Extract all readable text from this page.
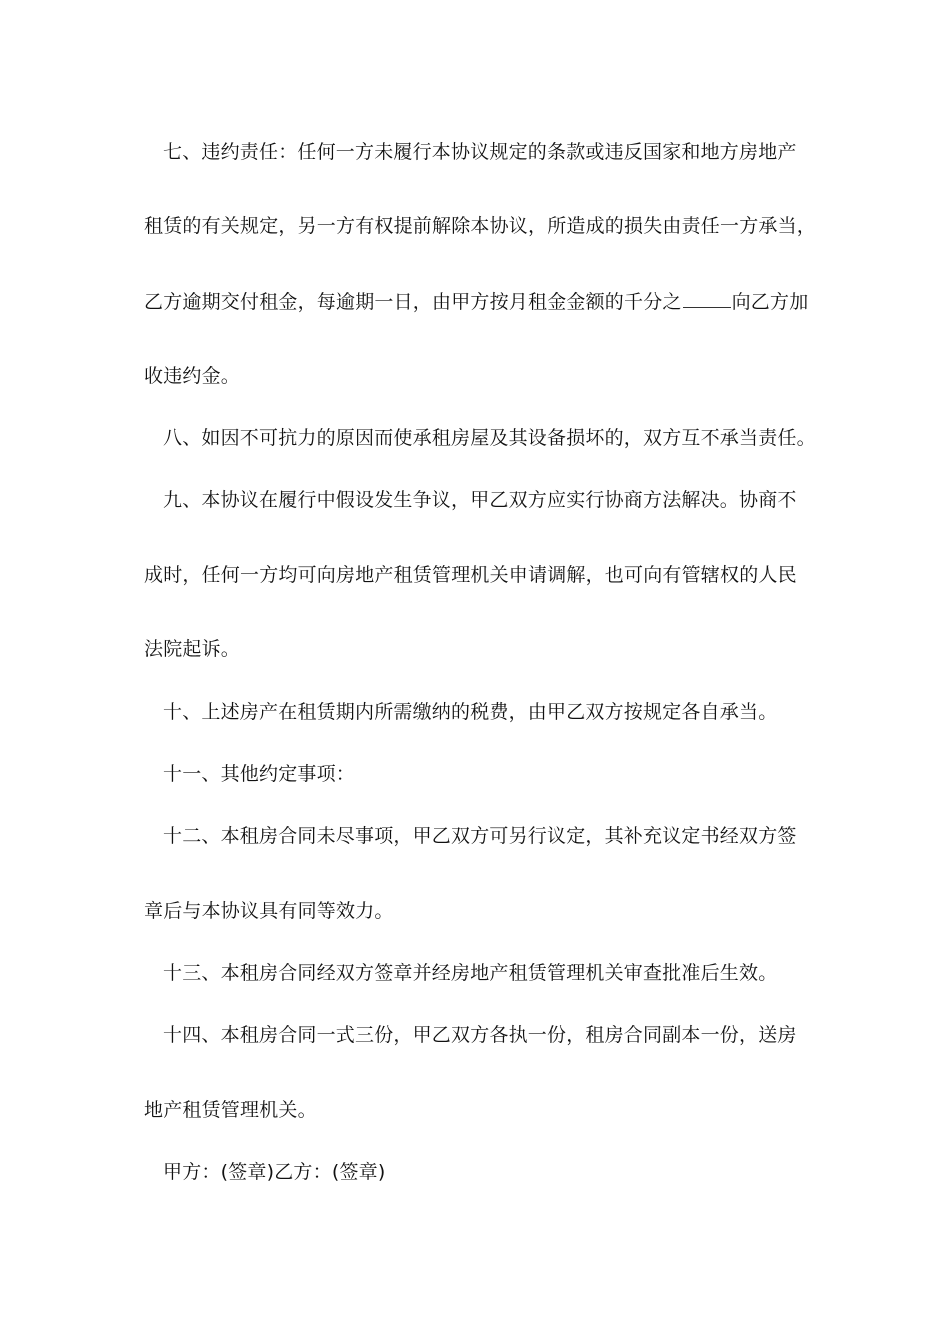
七、违约责任：任何一方未履行本协议规定的条款或违反国家和地方房地产
租赁的有关规定，另一方有权提前解除本协议，所造成的损失由责任一方承当，
乙方逾期交付租金，每逾期一日，由甲方按月租金金额的千分之	向乙方加
收违约金。
八、如因不可抗力的原因而使承租房屋及其设备损坏的，双方互不承当责任。
九、本协议在履行中假设发生争议，甲乙双方应实行协商方法解决。协商不
成时，任何一方均可向房地产租赁管理机关申请调解，也可向有管辖权的人民
法院起诉。
十、上述房产在租赁期内所需缴纳的税费，由甲乙双方按规定各自承当。
十一、其他约定事项：
十二、本租房合同未尽事项，甲乙双方可另行议定，其补充议定书经双方签
章后与本协议具有同等效力。
十三、本租房合同经双方签章并经房地产租赁管理机关审查批准后生效。
十四、本租房合同一式三份，甲乙双方各执一份，租房合同副本一份，送房
地产租赁管理机关。
甲方：(签章)乙方：(签章)
